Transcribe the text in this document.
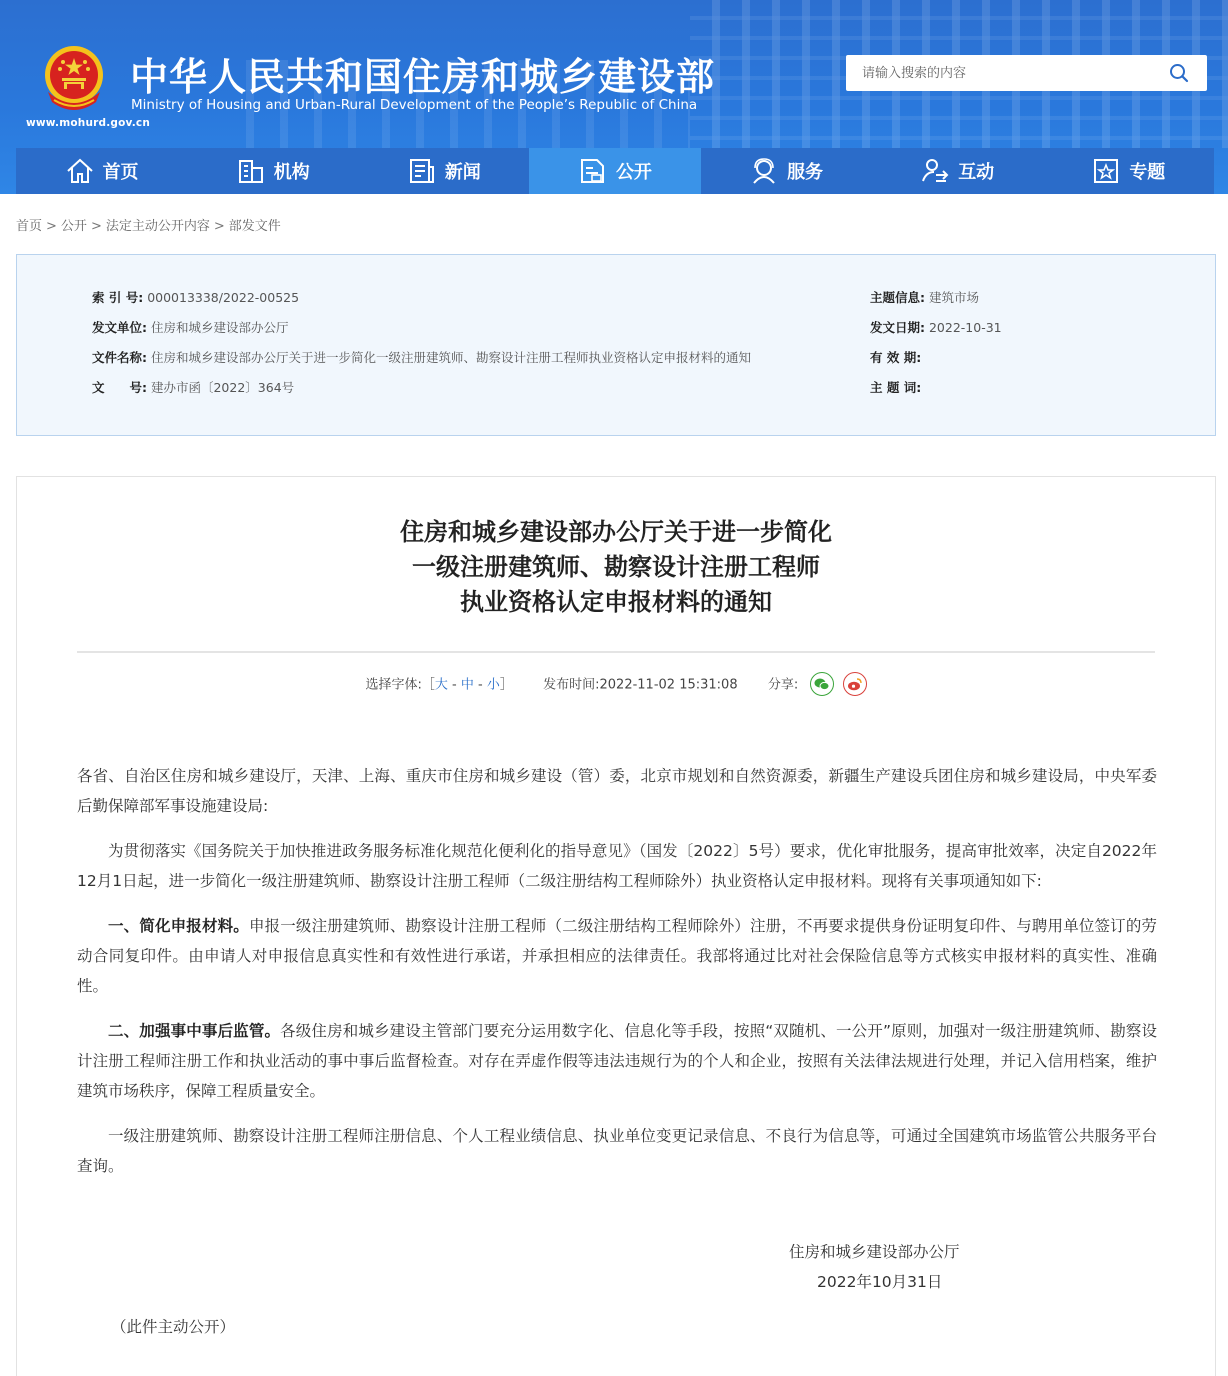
www.mohurd.gov.cn
中华人民共和国住房和城乡建设部
Ministry of Housing and Urban-Rural Development of the People’s Republic of China
请输入搜索的内容
首页	机构	新闻	公开	服务	互动	专题
首页 > 公开 > 法定主动公开内容 > 部发文件
索 引 号: 000013338/2022-00525
发文单位: 住房和城乡建设部办公厅
文件名称: 住房和城乡建设部办公厅关于进一步简化一级注册建筑师、勘察设计注册工程师执业资格认定申报材料的通知
文　　号: 建办市函〔2022〕364号
主题信息: 建筑市场
发文日期: 2022-10-31
有 效 期:
主 题 词:
住房和城乡建设部办公厅关于进一步简化
一级注册建筑师、勘察设计注册工程师
执业资格认定申报材料的通知
选择字体:［大 - 中 - 小］ 发布时间:2022-11-02 15:31:08 分享:

各省、自治区住房和城乡建设厅，天津、上海、重庆市住房和城乡建设（管）委，北京市规划和自然资源委，新疆生产建设兵团住房和城乡建设局，中央军委后勤保障部军事设施建设局:

为贯彻落实《国务院关于加快推进政务服务标准化规范化便利化的指导意见》（国发〔2022〕5号）要求，优化审批服务，提高审批效率，决定自2022年12月1日起，进一步简化一级注册建筑师、勘察设计注册工程师（二级注册结构工程师除外）执业资格认定申报材料。现将有关事项通知如下:

一、简化申报材料。申报一级注册建筑师、勘察设计注册工程师（二级注册结构工程师除外）注册，不再要求提供身份证明复印件、与聘用单位签订的劳动合同复印件。由申请人对申报信息真实性和有效性进行承诺，并承担相应的法律责任。我部将通过比对社会保险信息等方式核实申报材料的真实性、准确性。

二、加强事中事后监管。各级住房和城乡建设主管部门要充分运用数字化、信息化等手段，按照“双随机、一公开”原则，加强对一级注册建筑师、勘察设计注册工程师注册工作和执业活动的事中事后监督检查。对存在弄虚作假等违法违规行为的个人和企业，按照有关法律法规进行处理，并记入信用档案，维护建筑市场秩序，保障工程质量安全。

一级注册建筑师、勘察设计注册工程师注册信息、个人工程业绩信息、执业单位变更记录信息、不良行为信息等，可通过全国建筑市场监管公共服务平台查询。

住房和城乡建设部办公厅
2022年10月31日
（此件主动公开）
